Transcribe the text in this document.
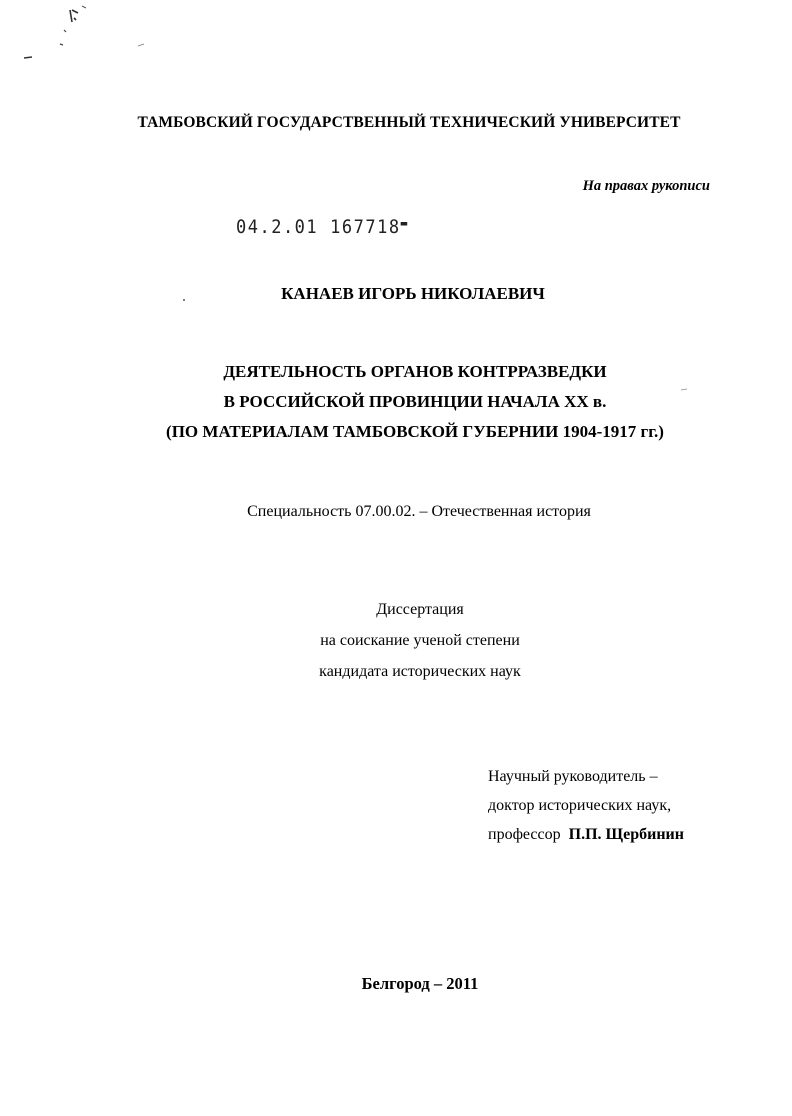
ТАМБОВСКИЙ ГОСУДАРСТВЕННЫЙ ТЕХНИЧЕСКИЙ УНИВЕРСИТЕТ
На правах рукописи
04.2.01 167718▬
КАНАЕВ ИГОРЬ НИКОЛАЕВИЧ
ДЕЯТЕЛЬНОСТЬ ОРГАНОВ КОНТРРАЗВЕДКИ
В РОССИЙСКОЙ ПРОВИНЦИИ НАЧАЛА XX в.
(ПО МАТЕРИАЛАМ ТАМБОВСКОЙ ГУБЕРНИИ 1904-1917 гг.)
Специальность 07.00.02. – Отечественная история
Диссертация
на соискание ученой степени
кандидата исторических наук
Научный руководитель –
доктор исторических наук,
профессор  П.П. Щербинин
Белгород – 2011
